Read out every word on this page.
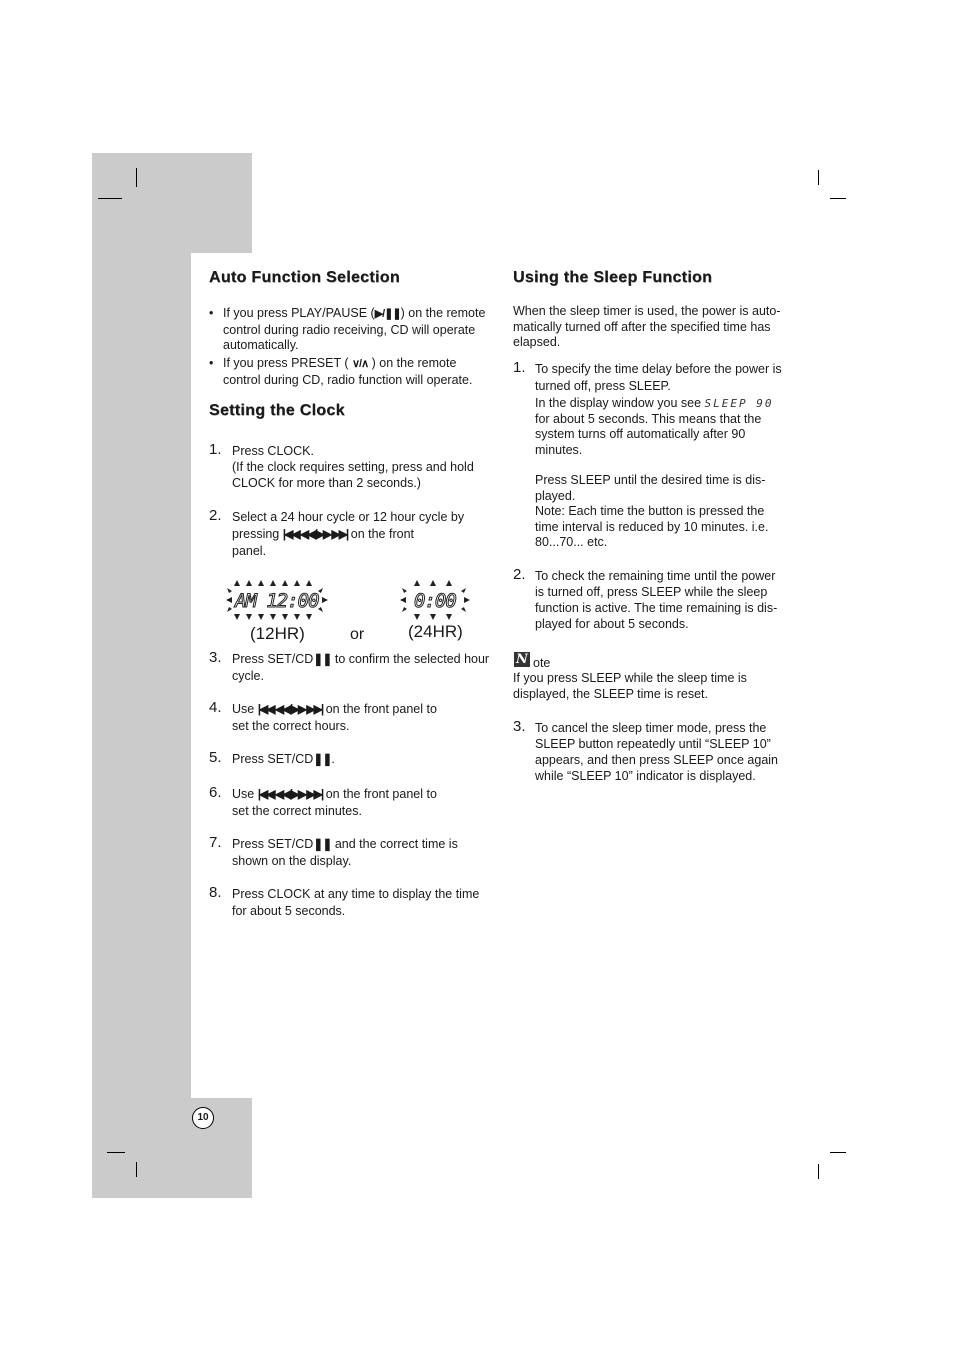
Auto Function Selection
• If you press PLAY/PAUSE (▶/❚❚) on the remote
control during radio receiving, CD will operate
automatically.
• If you press PRESET ( ∨/∧ ) on the remote
control during CD, radio function will operate.
Setting the Clock
1. Press CLOCK.
(If the clock requires setting, press and hold
CLOCK for more than 2 seconds.)
2. Select a 24 hour cycle or 12 hour cycle by
pressing |◀◀ ◀◀/▶▶ ▶▶| on the front
panel.
AM 12:00	0:00
(12HR)	or	(24HR)
3. Press SET/CD❚❚ to confirm the selected hour
cycle.
4. Use |◀◀ ◀◀/▶▶ ▶▶| on the front panel to
set the correct hours.
5. Press SET/CD❚❚.
6. Use |◀◀ ◀◀/▶▶ ▶▶| on the front panel to
set the correct minutes.
7. Press SET/CD❚❚ and the correct time is
shown on the display.
8. Press CLOCK at any time to display the time
for about 5 seconds.
Using the Sleep Function
When the sleep timer is used, the power is auto-
matically turned off after the specified time has
elapsed.
1. To specify the time delay before the power is
turned off, press SLEEP.
In the display window you see SLEEP 90
for about 5 seconds. This means that the
system turns off automatically after 90
minutes.
Press SLEEP until the desired time is dis-
played.
Note: Each time the button is pressed the
time interval is reduced by 10 minutes. i.e.
80...70... etc.
2. To check the remaining time until the power
is turned off, press SLEEP while the sleep
function is active. The time remaining is dis-
played for about 5 seconds.
N ote
If you press SLEEP while the sleep time is
displayed, the SLEEP time is reset.
3. To cancel the sleep timer mode, press the
SLEEP button repeatedly until “SLEEP 10”
appears, and then press SLEEP once again
while “SLEEP 10” indicator is displayed.
10
